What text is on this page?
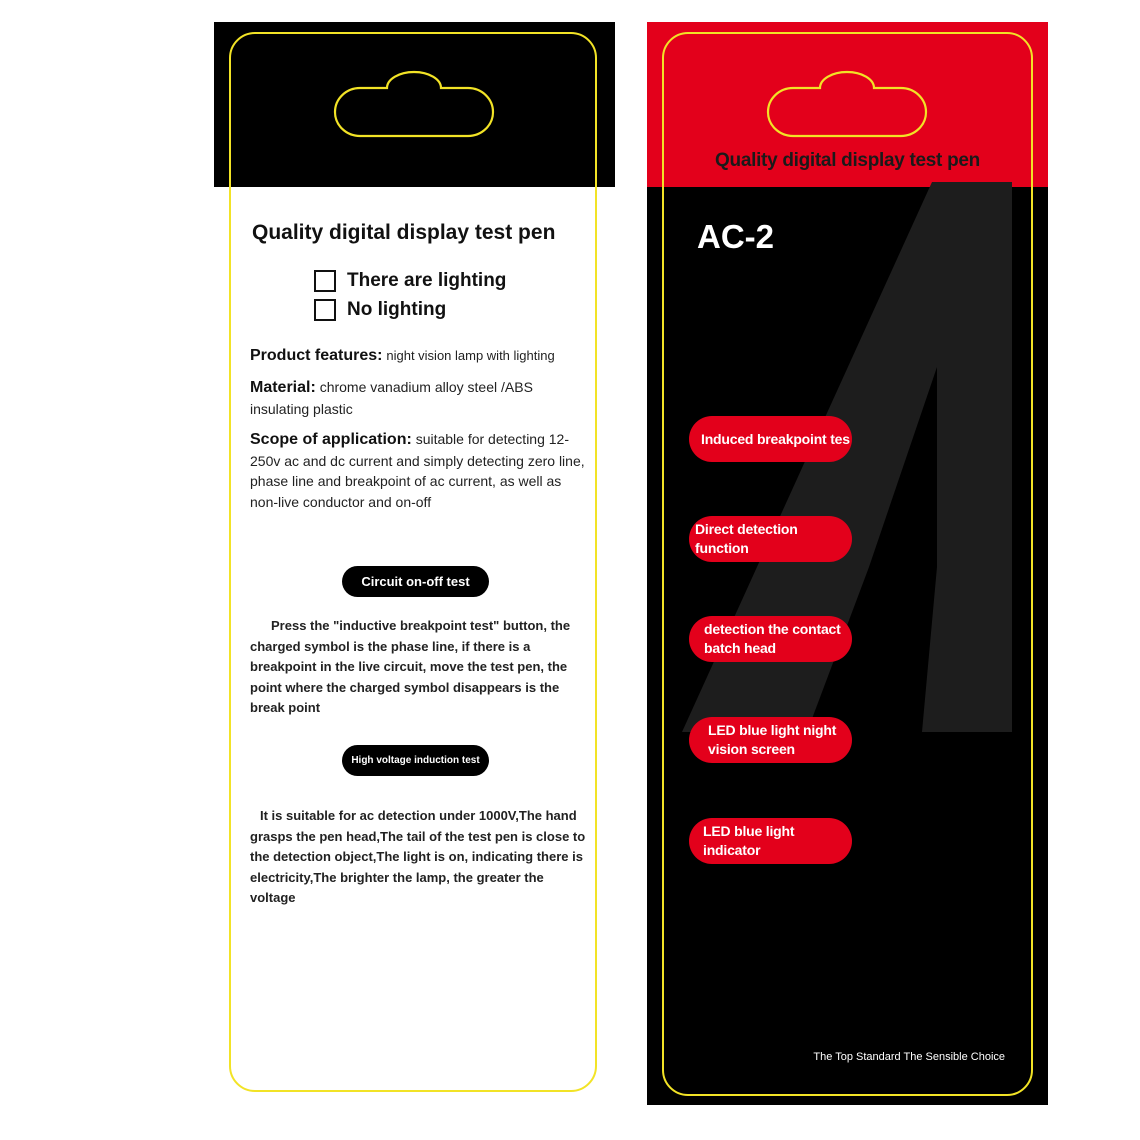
Quality digital display test pen
There are lighting
No lighting
Product features: night vision lamp with lighting
Material: chrome vanadium alloy steel /ABS insulating plastic
Scope of application: suitable for detecting 12-250v ac and dc current and simply detecting zero line, phase line and breakpoint of ac current, as well as non-live conductor and on-off
Circuit on-off test
Press the "inductive breakpoint test" button, the charged symbol is the phase line, if there is a breakpoint in the live circuit, move the test pen, the point where the charged symbol disappears is the break point
High voltage induction test
It is suitable for ac detection under 1000V,The hand grasps the pen head,The tail of the test pen is close to the detection object,The light is on, indicating there is electricity,The brighter the lamp, the greater the voltage
Quality digital display test pen
AC-2
Induced breakpoint tes
Direct detection function
detection the contact batch head
LED blue light night vision screen
LED blue light indicator
The Top Standard The Sensible Choice
